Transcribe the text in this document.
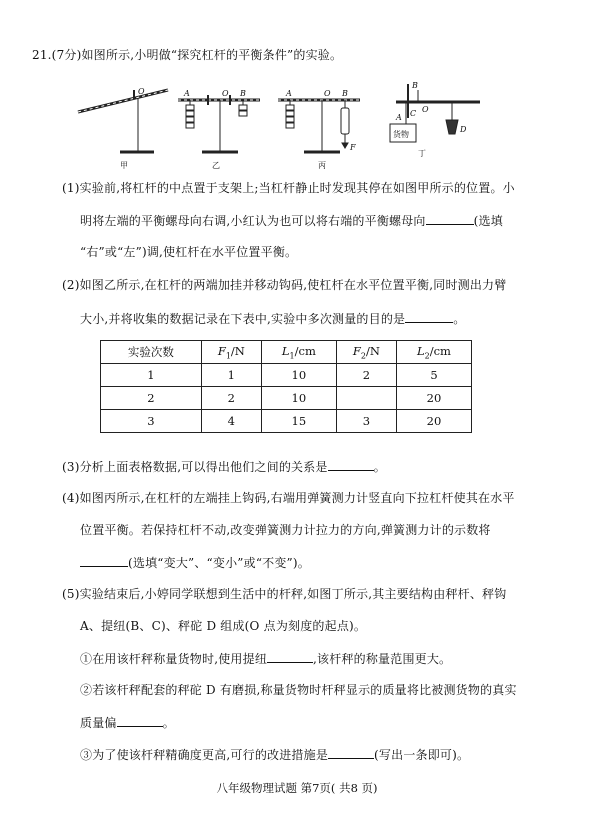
21.(7分)如图所示,小明做“探究杠杆的平衡条件”的实验。
甲
O
乙
A	O B
丙
A	O B
F
丁
B
A C O
D
货物
(1)实验前,将杠杆的中点置于支架上;当杠杆静止时发现其停在如图甲所示的位置。小
明将左端的平衡螺母向右调,小红认为也可以将右端的平衡螺母向	(选填
“右”或“左”)调,使杠杆在水平位置平衡。
(2)如图乙所示,在杠杆的两端加挂并移动钩码,使杠杆在水平位置平衡,同时测出力臂
大小,并将收集的数据记录在下表中,实验中多次测量的目的是	。
实验次数	$F_1/N$	$L_1/cm$	$F_2/N$	$L_2/cm$
1	1	10	2	5
2	2	10		20
3	4	15	3	20
(3)分析上面表格数据,可以得出他们之间的关系是	。
(4)如图丙所示,在杠杆的左端挂上钩码,右端用弹簧测力计竖直向下拉杠杆使其在水平
位置平衡。若保持杠杆不动,改变弹簧测力计拉力的方向,弹簧测力计的示数将
(选填“变大”、“变小”或“不变”)。
(5)实验结束后,小婷同学联想到生活中的杆秤,如图丁所示,其主要结构由秤杆、秤钩
A、提纽(B、C)、秤砣 D 组成(O 点为刻度的起点)。
①在用该杆秤称量货物时,使用提纽	,该杆秤的称量范围更大。
②若该杆秤配套的秤砣 D 有磨损,称量货物时杆秤显示的质量将比被测货物的真实
质量偏	。
③为了使该杆秤精确度更高,可行的改进措施是	(写出一条即可)。
八年级物理试题 第7页( 共8 页)
